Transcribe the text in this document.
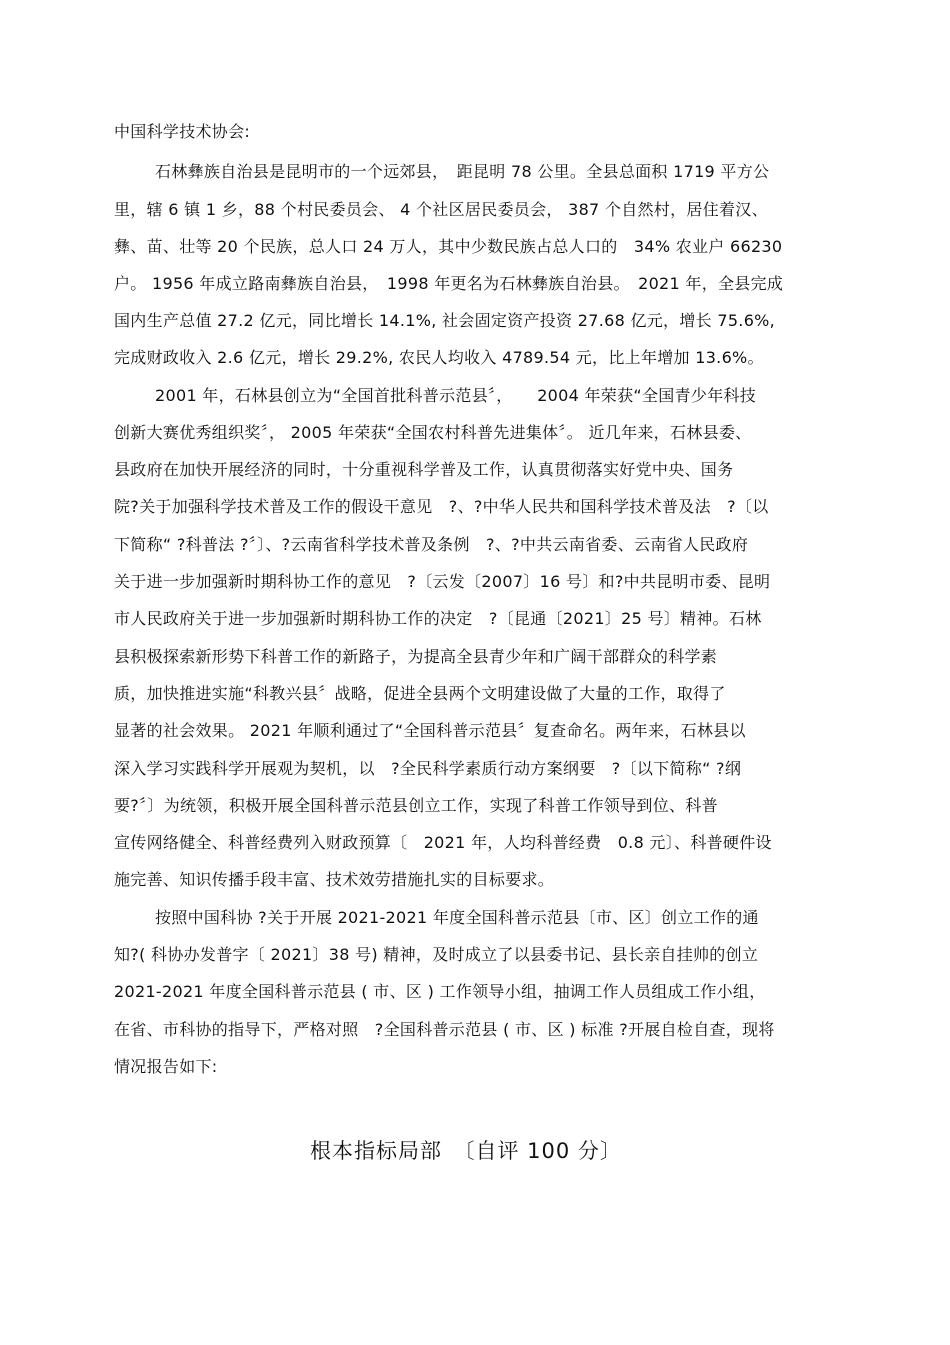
中国科学技术协会:
石林彝族自治县是昆明市的一个远郊县，　距昆明 78 公里。全县总面积 1719 平方公
里，辖 6 镇 1 乡，88 个村民委员会、 4 个社区居民委员会， 387 个自然村，居住着汉、
彝、苗、壮等 20 个民族，总人口 24 万人，其中少数民族占总人口的　34% 农业户 66230
户。 1956 年成立路南彝族自治县，　1998 年更名为石林彝族自治县。　2021 年，全县完成
国内生产总值 27.2 亿元，同比增长 14.1%, 社会固定资产投资 27.68 亿元，增长 75.6%,
完成财政收入 2.6 亿元，增长 29.2%, 农民人均收入 4789.54 元，比上年增加 13.6%。
2001 年，石林县创立为“全国首批科普示范县〞，　　2004 年荣获“全国青少年科技
创新大赛优秀组织奖〞， 2005 年荣获“全国农村科普先进集体〞。 近几年来，石林县委、
县政府在加快开展经济的同时，十分重视科学普及工作，认真贯彻落实好党中央、国务
院?关于加强科学技术普及工作的假设干意见　?、?中华人民共和国科学技术普及法　?〔以
下简称“ ?科普法 ?〞〕、?云南省科学技术普及条例　?、?中共云南省委、云南省人民政府
关于进一步加强新时期科协工作的意见　?〔云发〔2007〕16 号〕和?中共昆明市委、昆明
市人民政府关于进一步加强新时期科协工作的决定　?〔昆通〔2021〕25 号〕精神。石林
县积极探索新形势下科普工作的新路子，为提高全县青少年和广阔干部群众的科学素
质，加快推进实施“科教兴县〞战略，促进全县两个文明建设做了大量的工作，取得了
显著的社会效果。 2021 年顺利通过了“全国科普示范县〞复查命名。两年来，石林县以
深入学习实践科学开展观为契机，以　?全民科学素质行动方案纲要　?〔以下简称“ ?纲
要?〞〕为统领，积极开展全国科普示范县创立工作，实现了科普工作领导到位、科普
宣传网络健全、科普经费列入财政预算〔　2021 年，人均科普经费　0.8 元〕、科普硬件设
施完善、知识传播手段丰富、技术效劳措施扎实的目标要求。
按照中国科协 ?关于开展 2021-2021 年度全国科普示范县〔市、区〕创立工作的通
知?( 科协办发普字〔 2021〕38 号) 精神，及时成立了以县委书记、县长亲自挂帅的创立
2021-2021 年度全国科普示范县 ( 市、区 ) 工作领导小组，抽调工作人员组成工作小组，
在省、市科协的指导下，严格对照　?全国科普示范县 ( 市、区 ) 标准 ?开展自检自查，现将
情况报告如下:
根本指标局部　〔自评 100 分〕
